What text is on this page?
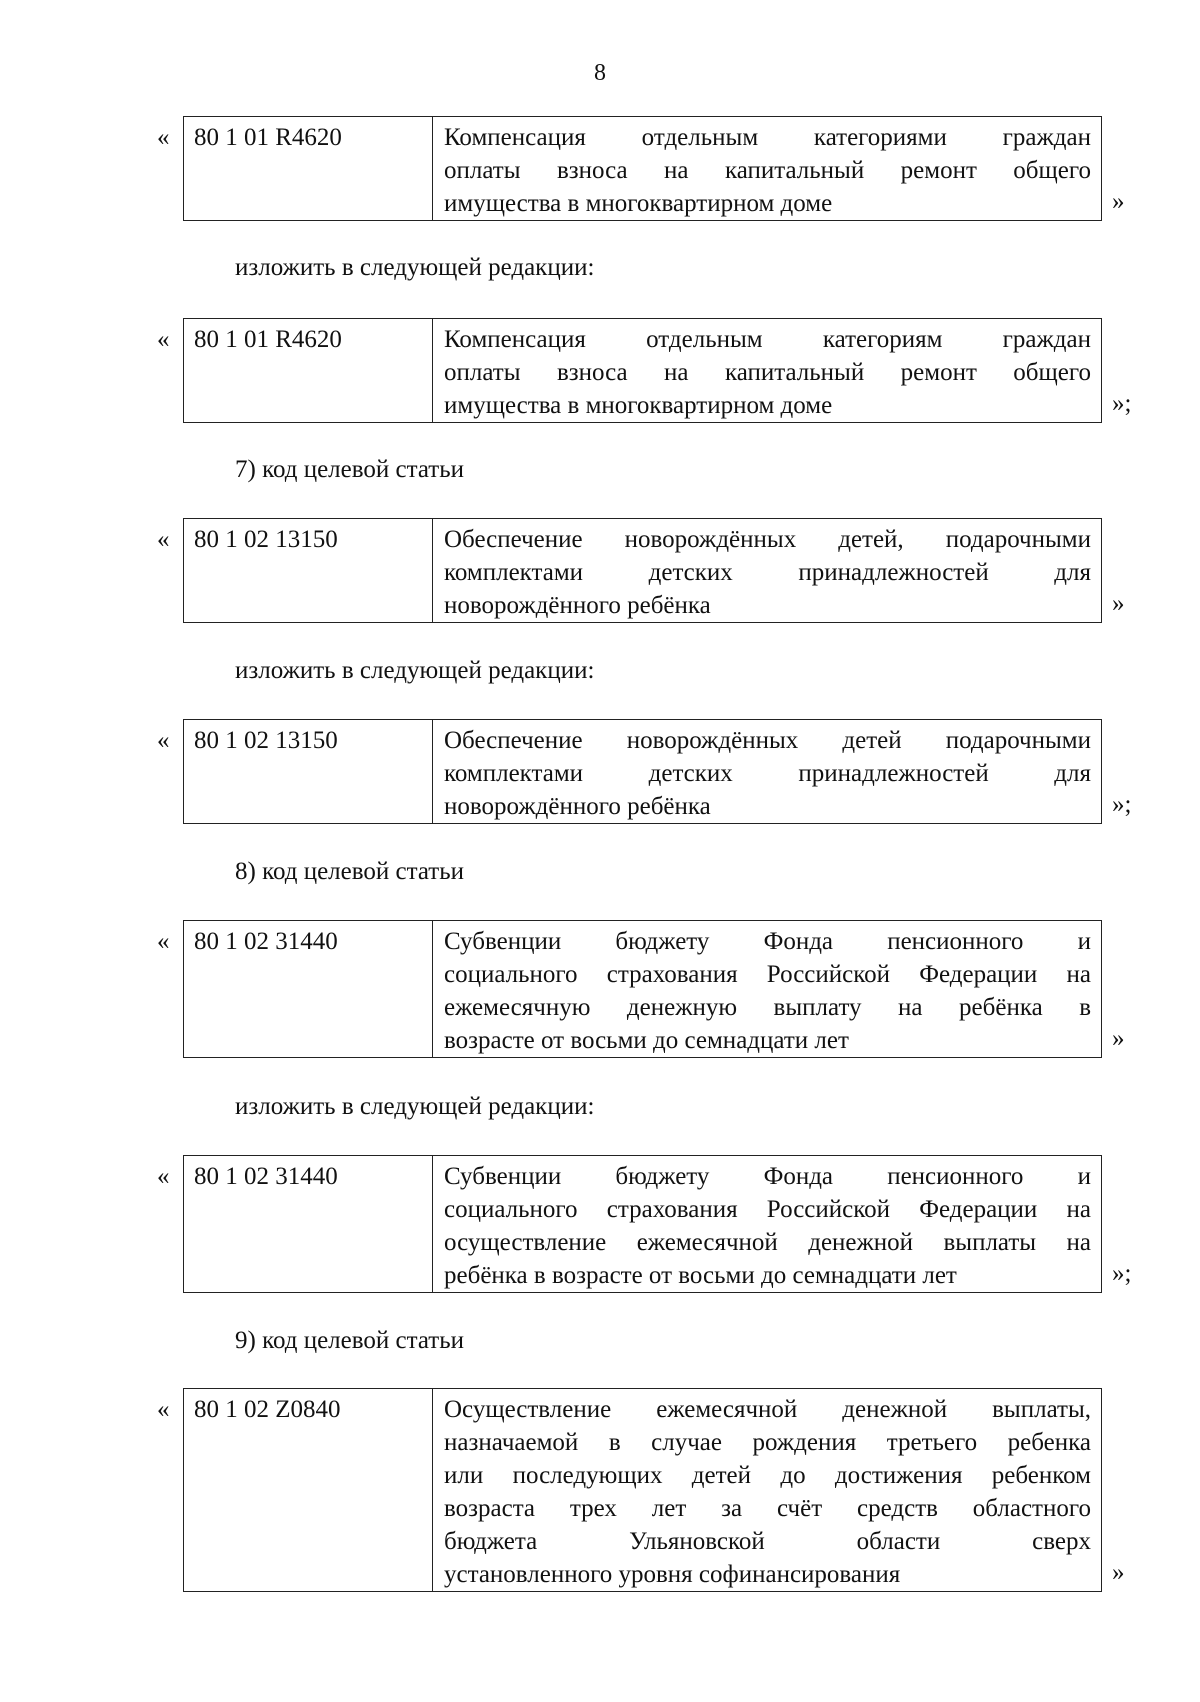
8
« 80 1 01 R4620	Компенсация отдельным категориями граждан
оплаты взноса на капитальный ремонт общего
имущества в многоквартирном доме	»
изложить в следующей редакции:
« 80 1 01 R4620	Компенсация отдельным категориям граждан
оплаты взноса на капитальный ремонт общего
имущества в многоквартирном доме	»;
7) код целевой статьи
« 80 1 02 13150	Обеспечение новорождённых детей, подарочными
комплектами детских принадлежностей для
новорождённого ребёнка	»
изложить в следующей редакции:
« 80 1 02 13150	Обеспечение новорождённых детей подарочными
комплектами детских принадлежностей для
новорождённого ребёнка	»;
8) код целевой статьи
« 80 1 02 31440	Субвенции бюджету Фонда пенсионного и
социального страхования Российской Федерации на
ежемесячную денежную выплату на ребёнка в
возрасте от восьми до семнадцати лет	»
изложить в следующей редакции:
« 80 1 02 31440	Субвенции бюджету Фонда пенсионного и
социального страхования Российской Федерации на
осуществление ежемесячной денежной выплаты на
ребёнка в возрасте от восьми до семнадцати лет	»;
9) код целевой статьи
« 80 1 02 Z0840	Осуществление ежемесячной денежной выплаты,
назначаемой в случае рождения третьего ребенка
или последующих детей до достижения ребенком
возраста трех лет за счёт средств областного
бюджета Ульяновской области сверх
установленного уровня софинансирования	»
